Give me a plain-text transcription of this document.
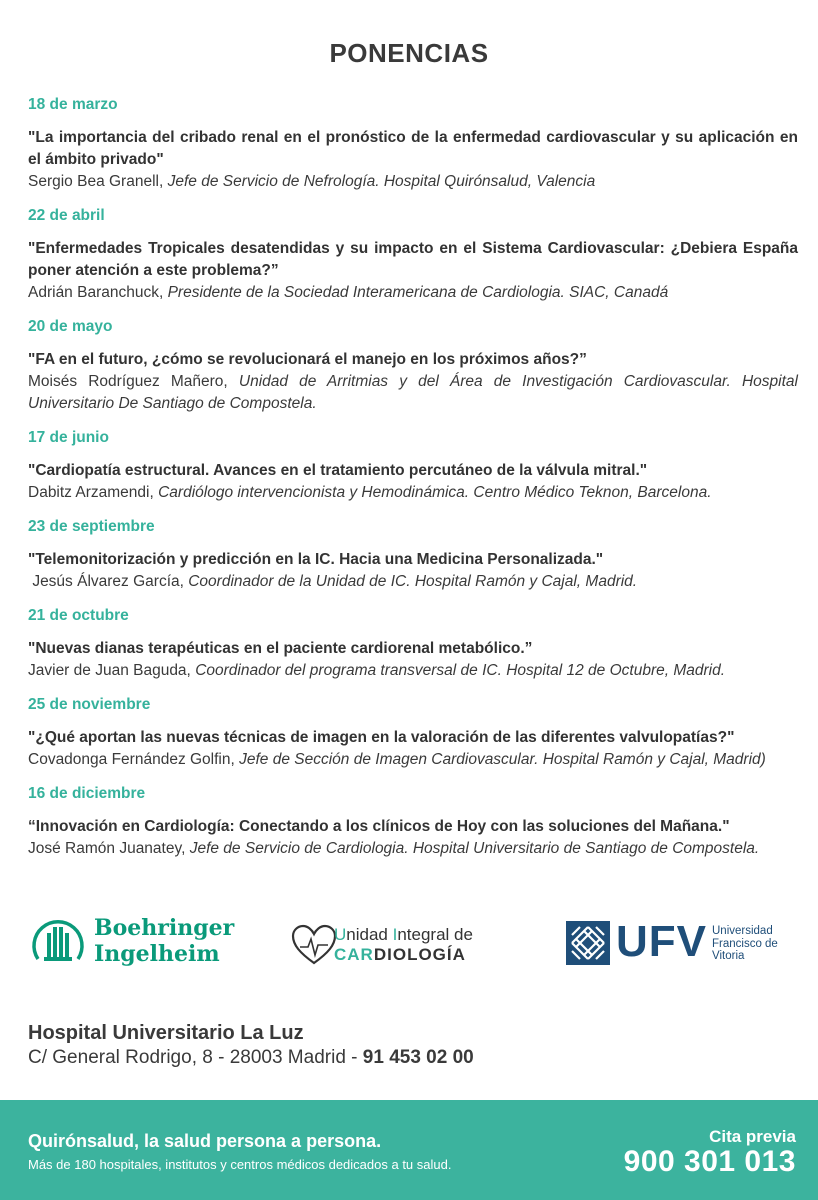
PONENCIAS
18 de marzo
"La importancia del cribado renal en el pronóstico de la enfermedad cardiovascular y su aplicación en el ámbito privado"
Sergio Bea Granell, Jefe de Servicio de Nefrología. Hospital Quirónsalud, Valencia
22 de abril
"Enfermedades Tropicales desatendidas y su impacto en el Sistema Cardiovascular: ¿Debiera España poner atención a este problema?”
Adrián Baranchuck, Presidente de la Sociedad Interamericana de Cardiologia. SIAC, Canadá
20 de mayo
"FA en el futuro, ¿cómo se revolucionará el manejo en los próximos años?”
Moisés Rodríguez Mañero, Unidad de Arritmias y del Área de Investigación Cardiovascular. Hospital Universitario De Santiago de Compostela.
17 de junio
"Cardiopatía estructural. Avances en el tratamiento percutáneo de la válvula mitral."
Dabitz Arzamendi, Cardiólogo intervencionista y Hemodinámica. Centro Médico Teknon, Barcelona.
23 de septiembre
"Telemonitorización y predicción en la IC. Hacia una Medicina Personalizada."
Jesús Álvarez García, Coordinador de la Unidad de IC. Hospital Ramón y Cajal, Madrid.
21 de octubre
"Nuevas dianas terapéuticas en el paciente cardiorenal metabólico.”
Javier de Juan Baguda, Coordinador del programa transversal de IC. Hospital 12 de Octubre, Madrid.
25 de noviembre
"¿Qué aportan las nuevas técnicas de imagen en la valoración de las diferentes valvulopatías?"
Covadonga Fernández Golfin, Jefe de Sección de Imagen Cardiovascular. Hospital Ramón y Cajal, Madrid)
16 de diciembre
“Innovación en Cardiología: Conectando a los clínicos de Hoy con las soluciones del Mañana."
José Ramón Juanatey, Jefe de Servicio de Cardiologia. Hospital Universitario de Santiago de Compostela.
Boehringer
Ingelheim
Unidad Integral de
CARDIOLOGÍA	UFV Universidad
Francisco de
Vitoria
Hospital Universitario La Luz
C/ General Rodrigo, 8 - 28003 Madrid - 91 453 02 00
Quirónsalud, la salud persona a persona.
Más de 180 hospitales, institutos y centros médicos dedicados a tu salud.
Cita previa
900 301 013
